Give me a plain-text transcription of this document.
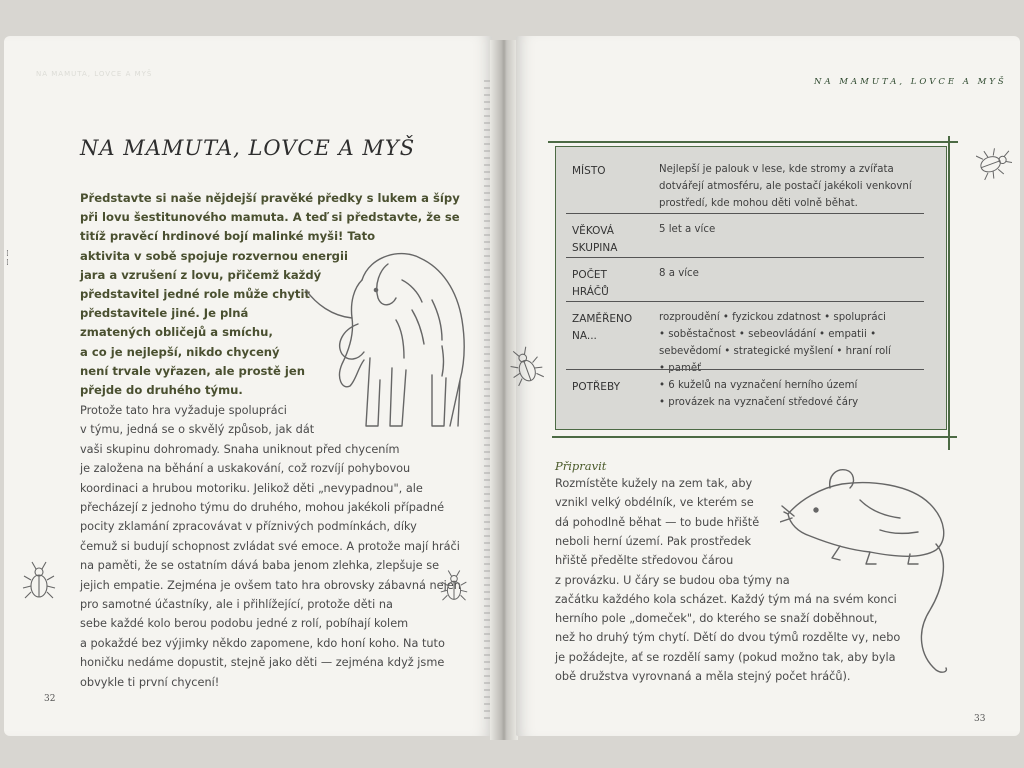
⁞
⁞
NA MAMUTA, LOVCE A MYŠ
NA MAMUTA, LOVCE A MYŠ
Představte si naše nějdejší pravěké předky s lukem a šípy
při lovu šestitunového mamuta. A teď si představte, že se
titíž pravěcí hrdinové bojí malinké myši! Tato
aktivita v sobě spojuje rozvernou energii
jara a vzrušení z lovu, přičemž každý
představitel jedné role může chytit
představitele jiné. Je plná
zmatených obličejů a smíchu,
a co je nejlepší, nikdo chycený
není trvale vyřazen, ale prostě jen
přejde do druhého týmu.
Protože tato hra vyžaduje spolupráci
v týmu, jedná se o skvělý způsob, jak dát
vaši skupinu dohromady. Snaha uniknout před chycením
je založena na běhání a uskakování, což rozvíjí pohybovou
koordinaci a hrubou motoriku. Jelikož děti „nevypadnou", ale
přecházejí z jednoho týmu do druhého, mohou jakékoli případné
pocity zklamání zpracovávat v příznivých podmínkách, díky
čemuž si budují schopnost zvládat své emoce. A protože mají hráči
na paměti, že se ostatním dává baba jenom zlehka, zlepšuje se
jejich empatie. Zejména je ovšem tato hra obrovsky zábavná nejen
pro samotné účastníky, ale i přihlížející, protože děti na
sebe každé kolo berou podobu jedné z rolí, pobíhají kolem
a pokaždé bez výjimky někdo zapomene, kdo honí koho. Na tuto
honičku nedáme dopustit, stejně jako děti — zejména když jsme
obvykle ti první chycení!
32
NA MAMUTA, LOVCE A MYŠ
MÍSTO	Nejlepší je palouk v lese, kde stromy a zvířata
dotvářejí atmosféru, ale postačí jakékoli venkovní
prostředí, kde mohou děti volně běhat.
VĚKOVÁ
SKUPINA
5 let a více
POČET
HRÁČŮ
8 a více
ZAMĚŘENO
NA...
rozproudění • fyzickou zdatnost • spolupráci
• soběstačnost • sebeovládání • empatii •
sebevědomí • strategické myšlení • hraní rolí
POTŘEBY	• 6 kuželů na vyznačení herního území
• provázek na vyznačení středové čáry
Připravit
Rozmístěte kužely na zem tak, aby
vznikl velký obdélník, ve kterém se
dá pohodlně běhat — to bude hřiště
neboli herní území. Pak prostředek
hřiště předělte středovou čárou
z provázku. U čáry se budou oba týmy na
začátku každého kola scházet. Každý tým má na svém konci
herního pole „domeček", do kterého se snaží doběhnout,
než ho druhý tým chytí. Dětí do dvou týmů rozdělte vy, nebo
je požádejte, ať se rozdělí samy (pokud možno tak, aby byla
obě družstva vyrovnaná a měla stejný počet hráčů).
33
